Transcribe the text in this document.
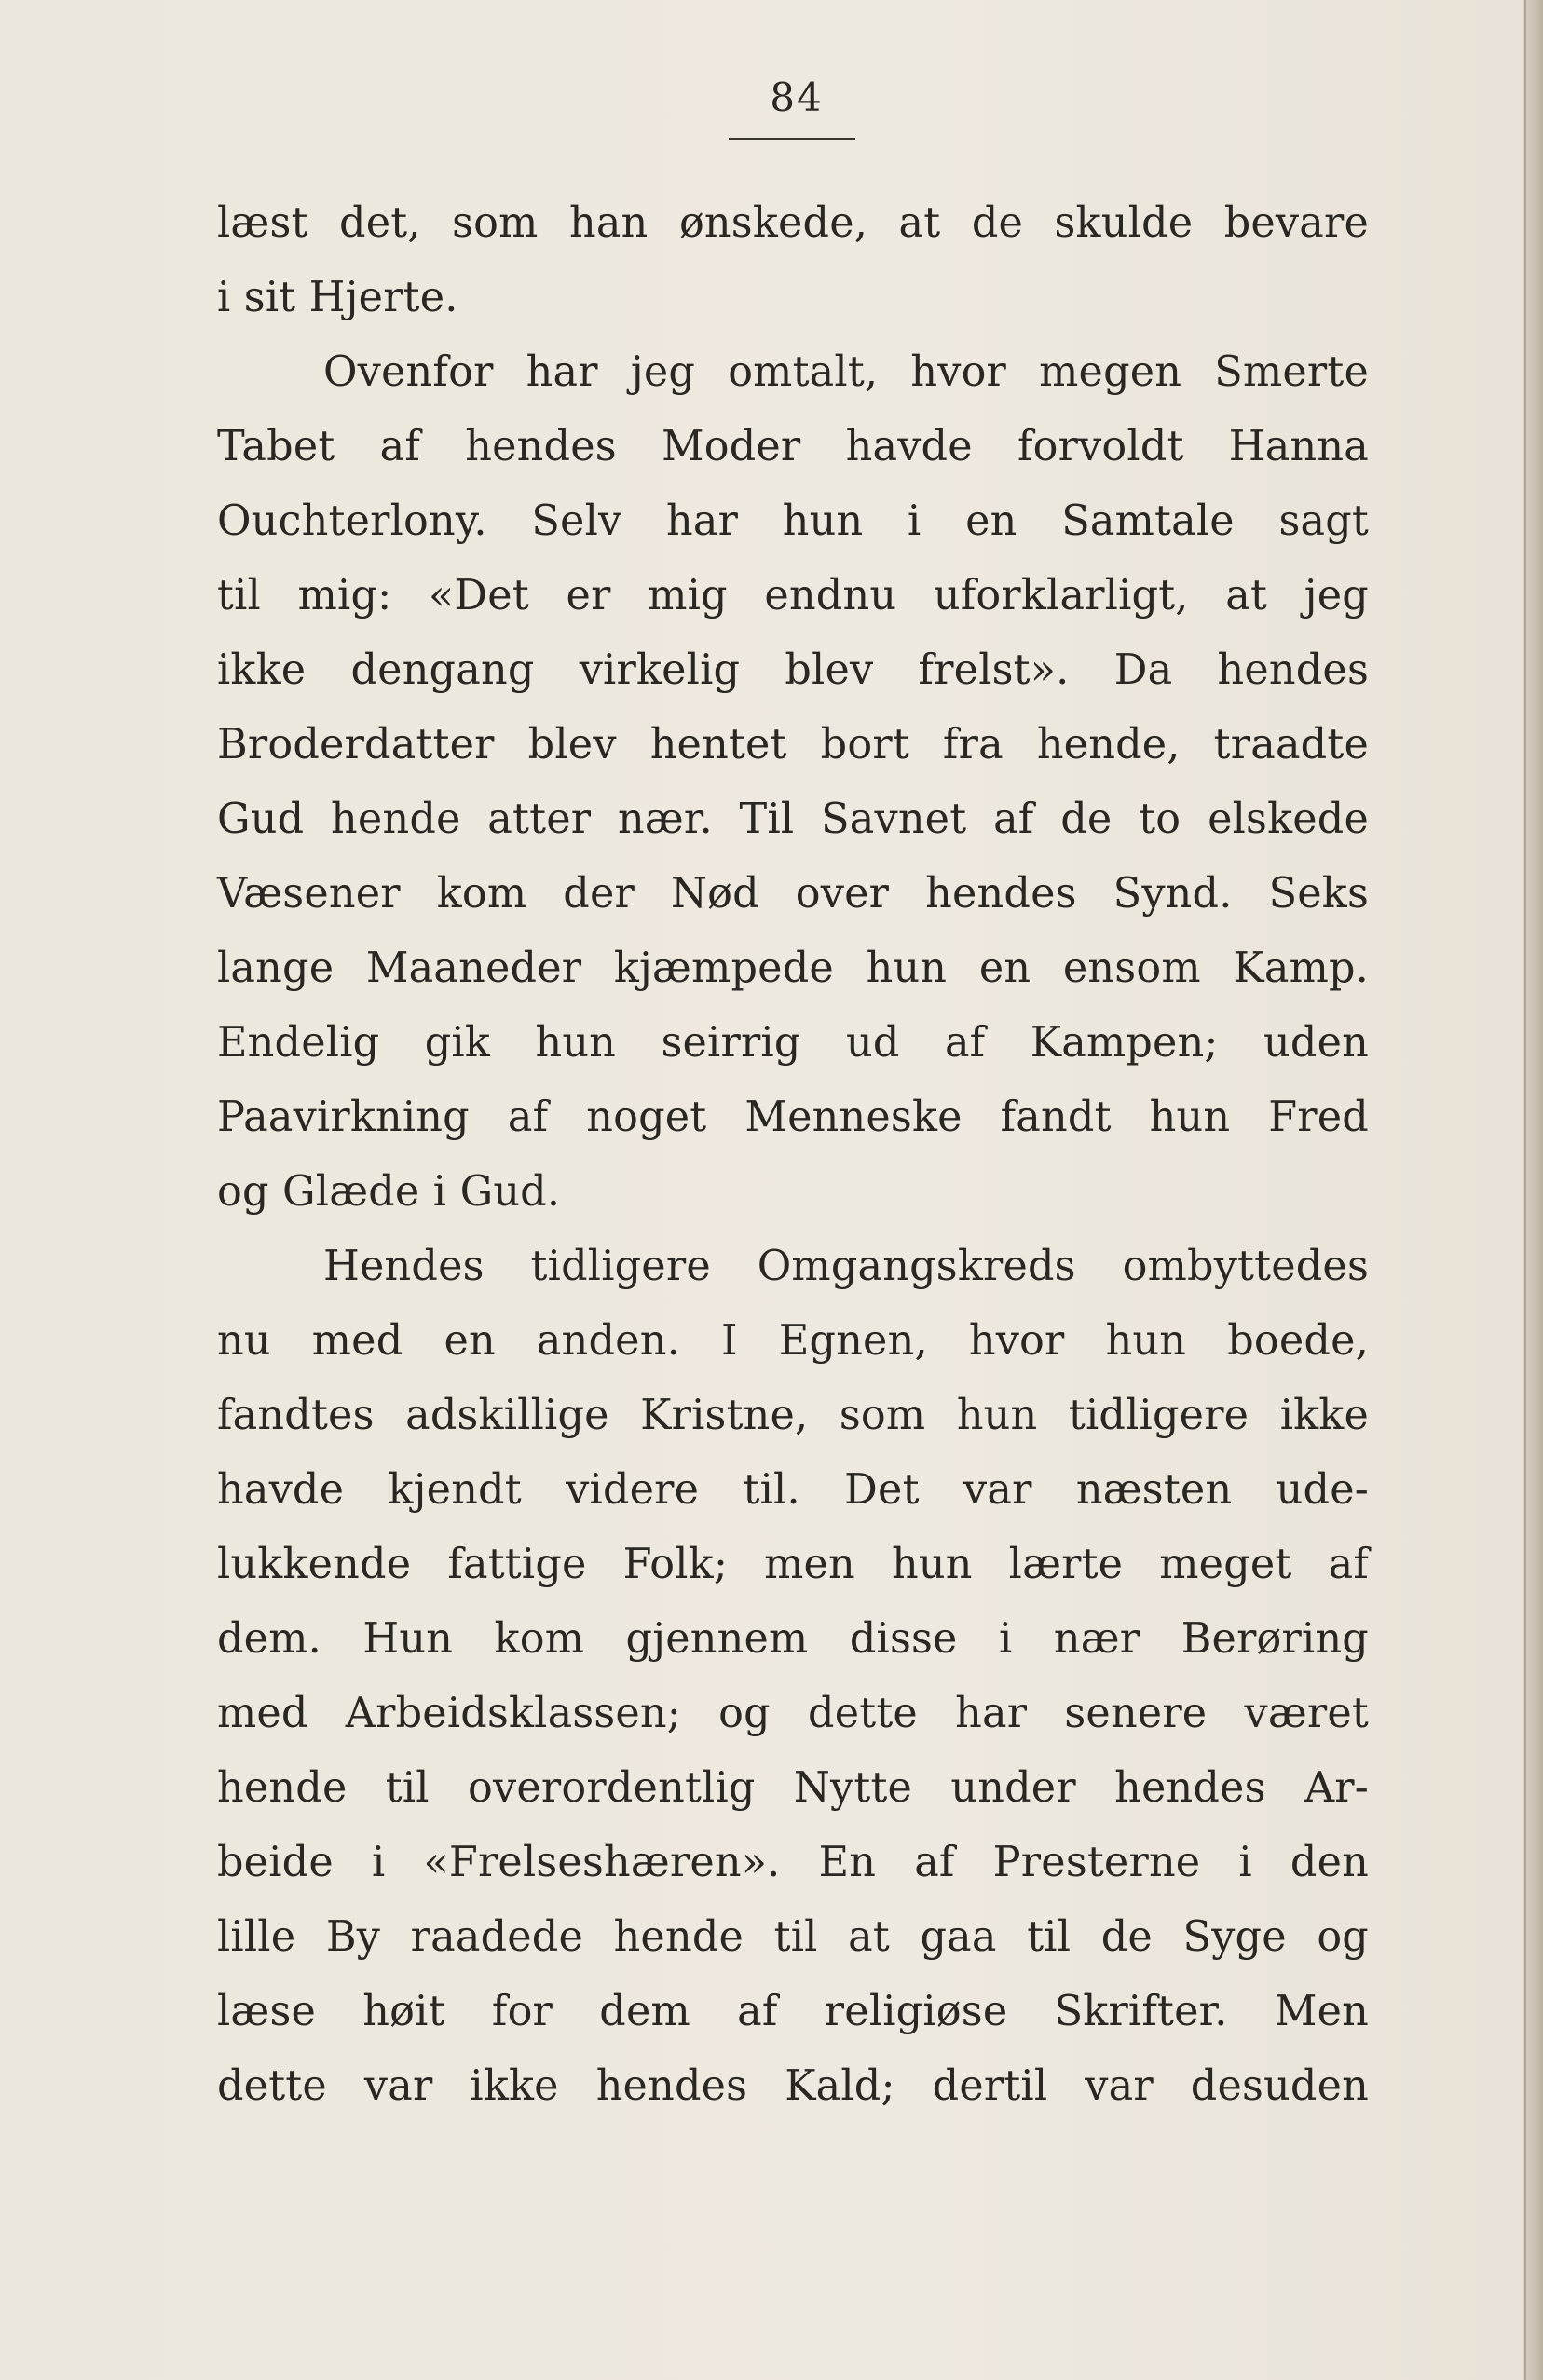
84
læst det, som han ønskede, at de skulde bevare
i sit Hjerte.
Ovenfor har jeg omtalt, hvor megen Smerte
Tabet af hendes Moder havde forvoldt Hanna
Ouchterlony. Selv har hun i en Samtale sagt
til mig: «Det er mig endnu uforklarligt, at jeg
ikke dengang virkelig blev frelst». Da hendes
Broderdatter blev hentet bort fra hende, traadte
Gud hende atter nær. Til Savnet af de to elskede
Væsener kom der Nød over hendes Synd. Seks
lange Maaneder kjæmpede hun en ensom Kamp.
Endelig gik hun seirrig ud af Kampen; uden
Paavirkning af noget Menneske fandt hun Fred
og Glæde i Gud.
Hendes tidligere Omgangskreds ombyttedes
nu med en anden. I Egnen, hvor hun boede,
fandtes adskillige Kristne, som hun tidligere ikke
havde kjendt videre til. Det var næsten ude-
lukkende fattige Folk; men hun lærte meget af
dem. Hun kom gjennem disse i nær Berøring
med Arbeidsklassen; og dette har senere været
hende til overordentlig Nytte under hendes Ar-
beide i «Frelseshæren». En af Presterne i den
lille By raadede hende til at gaa til de Syge og
læse høit for dem af religiøse Skrifter. Men
dette var ikke hendes Kald; dertil var desuden
